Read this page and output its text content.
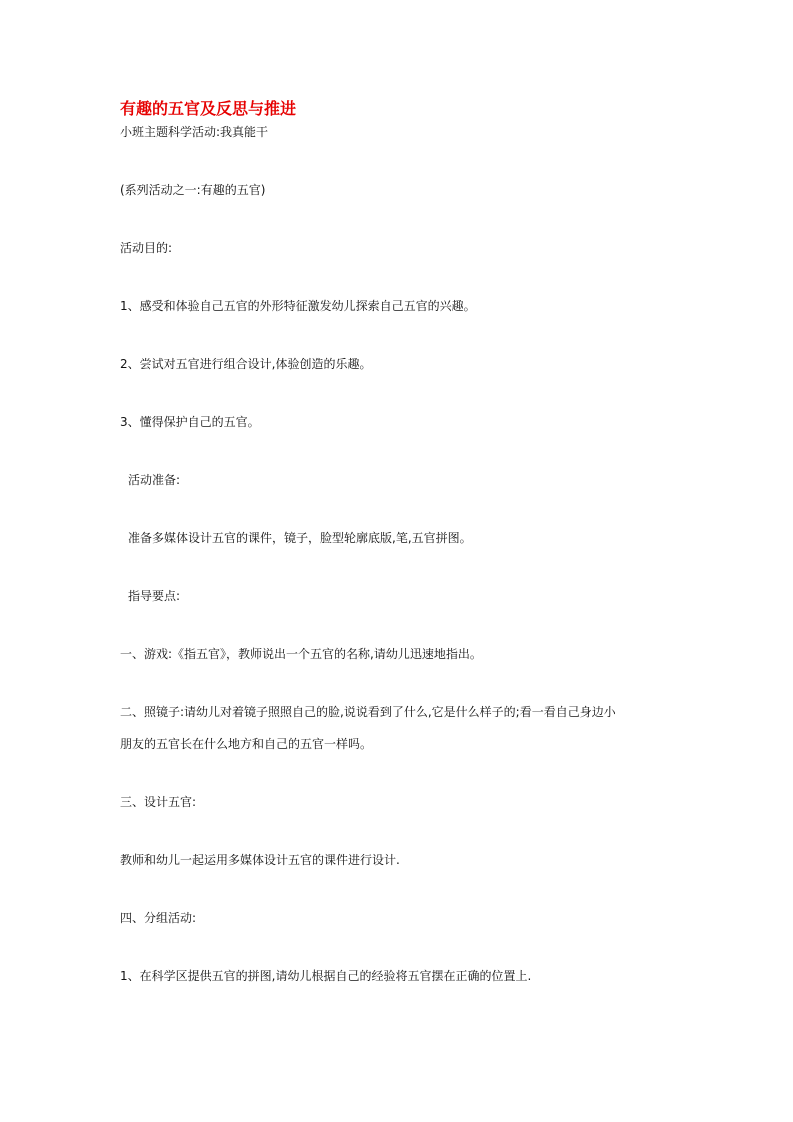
有趣的五官及反思与推进
小班主题科学活动:我真能干
(系列活动之一:有趣的五官)
活动目的:
1、感受和体验自己五官的外形特征激发幼儿探索自己五官的兴趣。
2、尝试对五官进行组合设计,体验创造的乐趣。
3、懂得保护自己的五官。
活动准备:
准备多媒体设计五官的课件，镜子，脸型轮廓底版,笔,五官拼图。
指导要点:
一、游戏:《指五官》，教师说出一个五官的名称,请幼儿迅速地指出。
二、照镜子:请幼儿对着镜子照照自己的脸,说说看到了什么,它是什么样子的;看一看自己身边小
朋友的五官长在什么地方和自己的五官一样吗。
三、设计五官:
教师和幼儿一起运用多媒体设计五官的课件进行设计.
四、分组活动:
1、在科学区提供五官的拼图,请幼儿根据自己的经验将五官摆在正确的位置上.
